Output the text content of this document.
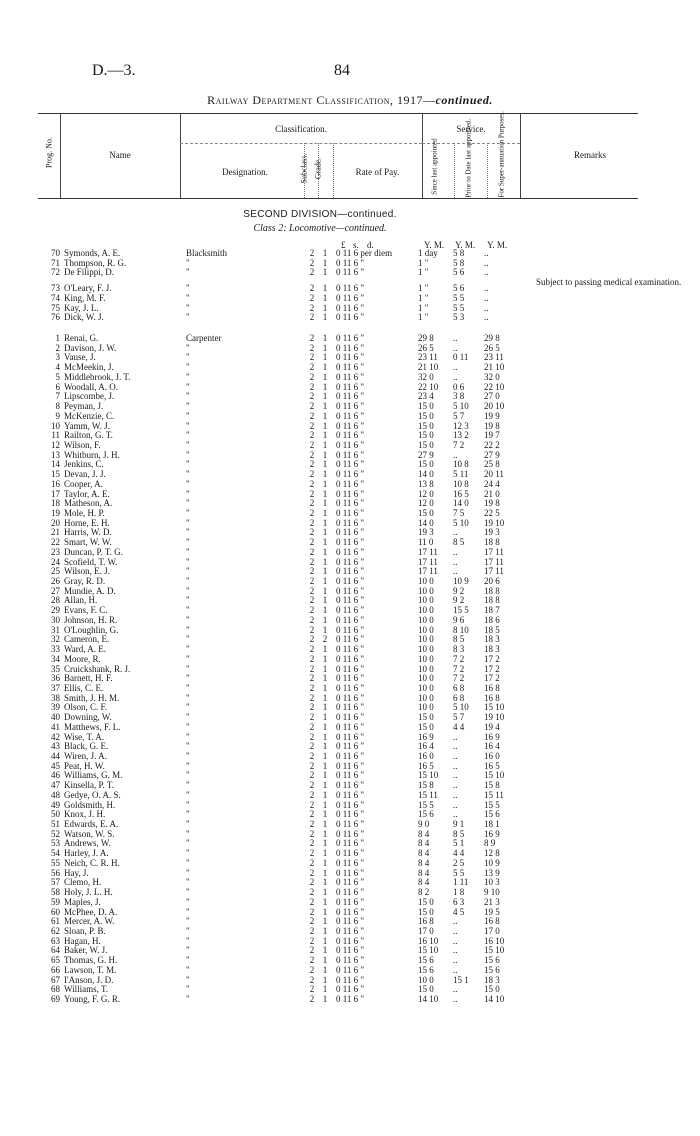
D.—3.	84
Railway Department Classification, 1917—continued.
Prog. No.	Name
Classification.
Designation.	Subclass. Grade.	Rate of Pay.
Service.
Since last appointed	Prior to Date last appointed.	For Super-annuation Purposes.	Remarks
SECOND DIVISION—continued.
Class 2: Locomotive—continued.
£ s. d.	Y. M. Y. M. Y. M.
70 Symonds, A. E.	Blacksmith	2 1 0 11 6 per diem	1 day	5 8	..
71 Thompson, R. G.	"	2 1 0 11 6 "	1 "	5 8	..
72 De Filippi, D.	"	2 1 0 11 6 "	1 "	5 6	..
Subject to passing medical examination.
73 O'Leary, F. J.	"	2 1 0 11 6 "	1 "	5 6	..
74 King, M. F.	"	2 1 0 11 6 "	1 "	5 5	..
75 Kay, J. L.	"	2 1 0 11 6 "	1 "	5 5	..
76 Dick, W. J.	"	2 1 0 11 6 "	1 "	5 3	..
1 Renai, G.	Carpenter	2 1 0 11 6 "	29 8	..	29 8
2 Davison, J. W.	"	2 1 0 11 6 "	26 5	..	26 5
3 Vause, J.	"	2 1 0 11 6 "	23 11	0 11	23 11
4 McMeekin, J.	"	2 1 0 11 6 "	21 10	..	21 10
5 Middlebrook, J. T.	"	2 1 0 11 6 "	32 0	..	32 0
6 Woodall, A. O.	"	2 1 0 11 6 "	22 10	0 6	22 10
7 Lipscombe, J.	"	2 1 0 11 6 "	23 4	3 8	27 0
8 Peyman, J.	"	2 1 0 11 6 "	15 0	5 10	20 10
9 McKenzie, C.	"	2 1 0 11 6 "	15 0	5 7	19 9
10 Yamm, W. J.	"	2 1 0 11 6 "	15 0	12 3	19 8
11 Railton, G. T.	"	2 1 0 11 6 "	15 0	13 2	19 7
12 Wilson, F.	"	2 1 0 11 6 "	15 0	7 2	22 2
13 Whitburn, J. H.	"	2 1 0 11 6 "	27 9	..	27 9
14 Jenkins, C.	"	2 1 0 11 6 "	15 0	10 8	25 8
15 Devan, J. J.	"	2 1 0 11 6 "	14 0	5 11	20 11
16 Cooper, A.	"	2 1 0 11 6 "	13 8	10 8	24 4
17 Taylor, A. E.	"	2 1 0 11 6 "	12 0	16 5	21 0
18 Matheson, A.	"	2 1 0 11 6 "	12 0	14 0	19 8
19 Mole, H. P.	"	2 1 0 11 6 "	15 0	7 5	22 5
20 Horne, E. H.	"	2 1 0 11 6 "	14 0	5 10	19 10
21 Harris, W. D.	"	2 1 0 11 6 "	19 3	..	19 3
22 Smart, W. W.	"	2 1 0 11 6 "	11 0	8 5	18 8
23 Duncan, P. T. G.	"	2 1 0 11 6 "	17 11	..	17 11
24 Scofield, T. W.	"	2 1 0 11 6 "	17 11	..	17 11
25 Wilson, E. J.	"	2 1 0 11 6 "	17 11	..	17 11
26 Gray, R. D.	"	2 1 0 11 6 "	10 0	10 9	20 6
27 Mundie, A. D.	"	2 1 0 11 6 "	10 0	9 2	18 8
28 Allan, H.	"	2 1 0 11 6 "	10 0	9 2	18 8
29 Evans, F. C.	"	2 1 0 11 6 "	10 0	15 5	18 7
30 Johnson, H. R.	"	2 1 0 11 6 "	10 0	9 6	18 6
31 O'Loughlin, G.	"	2 1 0 11 6 "	10 0	8 10	18 5
32 Cameron, E.	"	2 2 0 11 6 "	10 0	8 5	18 3
33 Ward, A. E.	"	2 1 0 11 6 "	10 0	8 3	18 3
34 Moore, R.	"	2 1 0 11 6 "	10 0	7 2	17 2
35 Cruickshank, R. J.	"	2 1 0 11 6 "	10 0	7 2	17 2
36 Barnett, H. F.	"	2 1 0 11 6 "	10 0	7 2	17 2
37 Ellis, C. E.	"	2 1 0 11 6 "	10 0	6 8	16 8
38 Smith, J. H. M.	"	2 1 0 11 6 "	10 0	6 8	16 8
39 Olson, C. F.	"	2 1 0 11 6 "	10 0	5 10	15 10
40 Downing, W.	"	2 1 0 11 6 "	15 0	5 7	19 10
41 Matthews, F. L.	"	2 1 0 11 6 "	15 0	4 4	19 4
42 Wise, T. A.	"	2 1 0 11 6 "	16 9	..	16 9
43 Black, G. E.	"	2 1 0 11 6 "	16 4	..	16 4
44 Wiren, J. A.	"	2 1 0 11 6 "	16 0	..	16 0
45 Peat, H. W.	"	2 1 0 11 6 "	16 5	..	16 5
46 Williams, G. M.	"	2 1 0 11 6 "	15 10	..	15 10
47 Kinsella, P. T.	"	2 1 0 11 6 "	15 8	..	15 8
48 Gedye, O. A. S.	"	2 1 0 11 6 "	15 11	..	15 11
49 Goldsmith, H.	"	2 1 0 11 6 "	15 5	..	15 5
50 Knox, J. H.	"	2 1 0 11 6 "	15 6	..	15 6
51 Edwards, E. A.	"	2 1 0 11 6 "	9 0	9 1	18 1
52 Watson, W. S.	"	2 1 0 11 6 "	8 4	8 5	16 9
53 Andrews, W.	"	2 1 0 11 6 "	8 4	5 1	8 9
54 Harley, J. A.	"	2 1 0 11 6 "	8 4	4 4	12 8
55 Neich, C. R. H.	"	2 1 0 11 6 "	8 4	2 5	10 9
56 Hay, J.	"	2 1 0 11 6 "	8 4	5 5	13 9
57 Clemo, H.	"	2 1 0 11 6 "	8 4	1 11	10 3
58 Holy, J. L. H.	"	2 1 0 11 6 "	8 2	1 8	9 10
59 Maples, J.	"	2 1 0 11 6 "	15 0	6 3	21 3
60 McPhee, D. A.	"	2 1 0 11 6 "	15 0	4 5	19 5
61 Mercer, A. W.	"	2 1 0 11 6 "	16 8	..	16 8
62 Sloan, P. B.	"	2 1 0 11 6 "	17 0	..	17 0
63 Hagan, H.	"	2 1 0 11 6 "	16 10	..	16 10
64 Baker, W. J.	"	2 1 0 11 6 "	15 10	..	15 10
65 Thomas, G. H.	"	2 1 0 11 6 "	15 6	..	15 6
66 Lawson, T. M.	"	2 1 0 11 6 "	15 6	..	15 6
67 I'Anson, J. D.	"	2 1 0 11 6 "	10 0	15 1	18 3
68 Williams, T.	"	2 1 0 11 6 "	15 0	..	15 0
69 Young, F. G. R.	"	2 1 0 11 6 "	14 10	..	14 10
